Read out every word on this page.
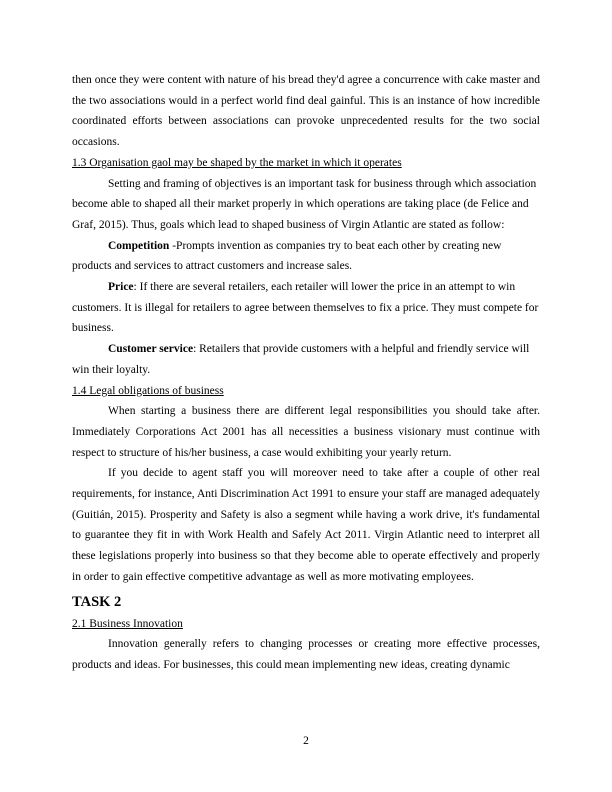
then once they were content with nature of his bread they'd agree a concurrence with cake master and the two associations would in a perfect world find deal gainful. This is an instance of how incredible coordinated efforts between associations can provoke unprecedented results for the two social occasions.

1.3 Organisation gaol may be shaped by the market in which it operates

Setting and framing of objectives is an important task for business through which association become able to shaped all their market properly in which operations are taking place (de Felice and Graf, 2015). Thus, goals which lead to shaped business of Virgin Atlantic are stated as follow:

Competition -Prompts invention as companies try to beat each other by creating new products and services to attract customers and increase sales.

Price: If there are several retailers, each retailer will lower the price in an attempt to win customers. It is illegal for retailers to agree between themselves to fix a price. They must compete for business.

Customer service: Retailers that provide customers with a helpful and friendly service will win their loyalty.

1.4 Legal obligations of business

When starting a business there are different legal responsibilities you should take after. Immediately Corporations Act 2001 has all necessities a business visionary must continue with respect to structure of his/her business, a case would exhibiting your yearly return.

If you decide to agent staff you will moreover need to take after a couple of other real requirements, for instance, Anti Discrimination Act 1991 to ensure your staff are managed adequately (Guitián, 2015). Prosperity and Safety is also a segment while having a work drive, it's fundamental to guarantee they fit in with Work Health and Safely Act 2011. Virgin Atlantic need to interpret all these legislations properly into business so that they become able to operate effectively and properly in order to gain effective competitive advantage as well as more motivating employees.

TASK 2

2.1 Business Innovation

Innovation generally refers to changing processes or creating more effective processes, products and ideas. For businesses, this could mean implementing new ideas, creating dynamic

2
